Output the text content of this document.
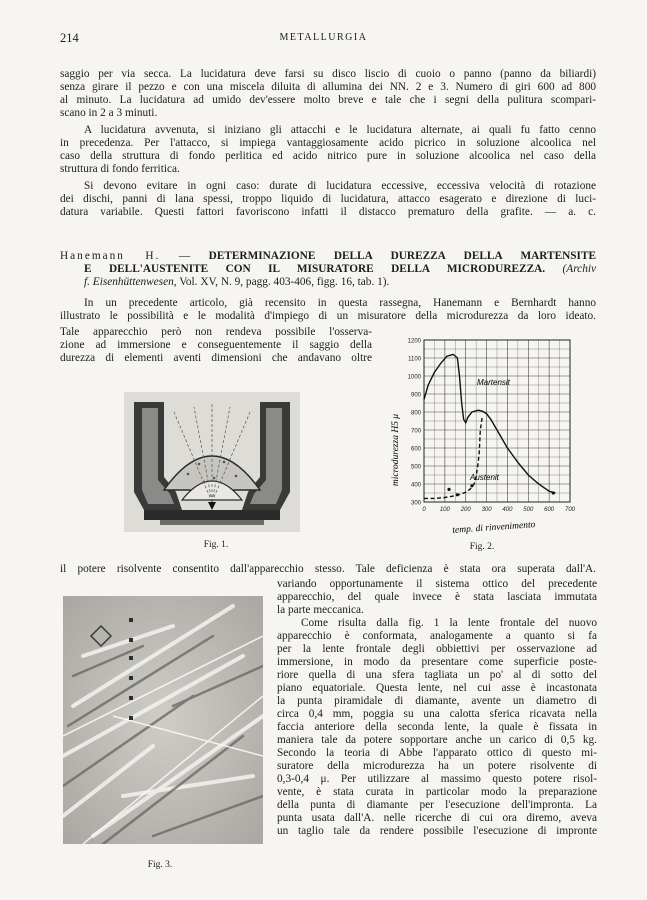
214	METALLURGIA
saggio per via secca. La lucidatura deve farsi su disco liscio di cuoio o panno (panno da biliardi)
senza girare il pezzo e con una miscela diluita di allumina dei NN. 2 e 3. Numero di giri 600 ad 800
al minuto. La lucidatura ad umido dev'essere molto breve e tale che i segni della pulitura scompari-
scano in 2 a 3 minuti.
A lucidatura avvenuta, si iniziano gli attacchi e le lucidatura alternate, ai quali fu fatto cenno
in precedenza. Per l'attacco, si impiega vantaggiosamente acido picrico in soluzione alcoolica nel
caso della struttura di fondo perlitica ed acido nitrico pure in soluzione alcoolica nel caso della
struttura di fondo ferritica.
Si devono evitare in ogni caso: durate di lucidatura eccessive, eccessiva velocità di rotazione
dei dischi, panni di lana spessi, troppo liquido di lucidatura, attacco esagerato e direzione di luci-
datura variabile. Questi fattori favoriscono infatti il distacco prematuro della grafite. — a. c.
Hanemann H. — DETERMINAZIONE DELLA DUREZZA DELLA MARTENSITE
E DELL'AUSTENITE CON IL MISURATORE DELLA MICRODUREZZA. (Archiv
f. Eisenhüttenwesen, Vol. XV, N. 9, pagg. 403-406, figg. 16, tab. 1).
In un precedente articolo, già recensito in questa rassegna, Hanemann e Bernhardt hanno
illustrato le possibilità e le modalità d'impiego di un misuratore della microdurezza da loro ideato.
Tale apparecchio però non rendeva possibile l'osserva-
zione ad immersione e conseguentemente il saggio della
durezza di elementi aventi dimensioni che andavano oltre
Fig. 1.
300
400
500
600
700
800
900
1000
1100
1200
0 100 200 300 400 500 600 700
Martensit
Austenit
microdurezza H5 μ
temp. di rinvenimento
Fig. 2.
il potere risolvente consentito dall'apparecchio stesso. Tale deficienza è stata ora superata dall'A.
Fig. 3.
variando opportunamente il sistema ottico del precedente
apparecchio, del quale invece è stata lasciata immutata
la parte meccanica.
Come risulta dalla fig. 1 la lente frontale del nuovo
apparecchio è conformata, analogamente a quanto si fa
per la lente frontale degli obbiettivi per osservazione ad
immersione, in modo da presentare come superficie poste-
riore quella di una sfera tagliata un po' al di sotto del
piano equatoriale. Questa lente, nel cui asse è incastonata
la punta piramidale di diamante, avente un diametro di
circa 0,4 mm, poggia su una calotta sferica ricavata nella
faccia anteriore della seconda lente, la quale è fissata in
maniera tale da potere sopportare anche un carico di 0,5 kg.
Secondo la teoria di Abbe l'apparato ottico di questo mi-
suratore della microdurezza ha un potere risolvente di
0,3-0,4 μ. Per utilizzare al massimo questo potere risol-
vente, è stata curata in particolar modo la preparazione
della punta di diamante per l'esecuzione dell'impronta. La
punta usata dall'A. nelle ricerche di cui ora diremo, aveva
un taglio tale da rendere possibile l'esecuzione di impronte
